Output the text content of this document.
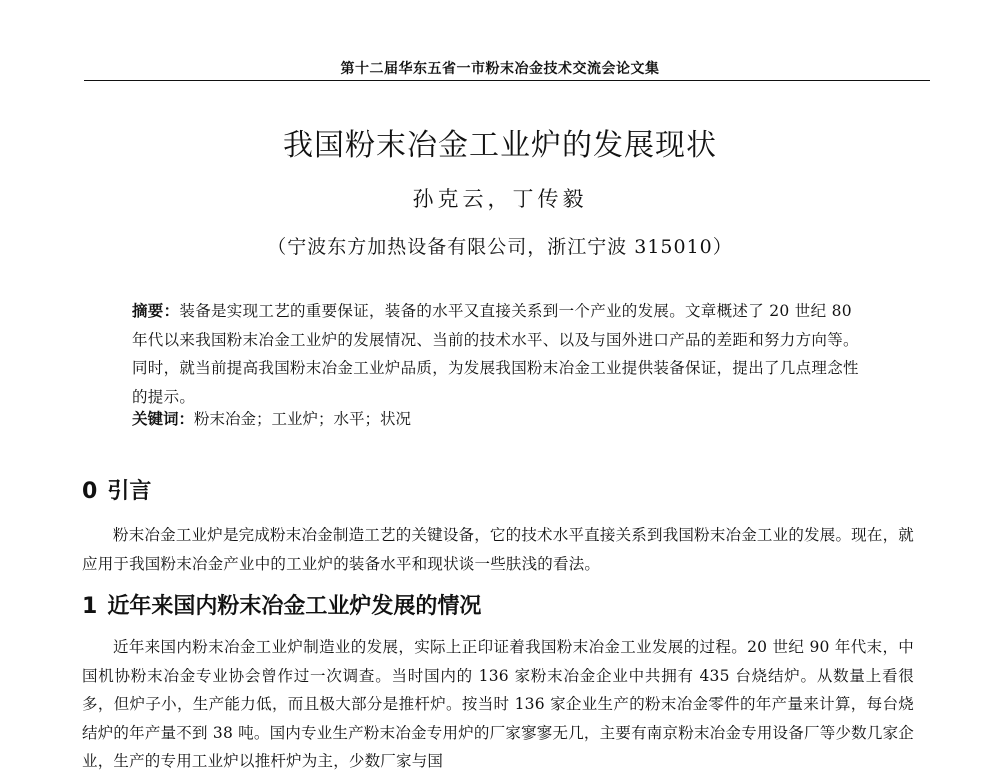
第十二届华东五省一市粉末冶金技术交流会论文集
我国粉末冶金工业炉的发展现状
孙克云，丁传毅
（宁波东方加热设备有限公司，浙江宁波 315010）
摘要：装备是实现工艺的重要保证，装备的水平又直接关系到一个产业的发展。文章概述了 20 世纪 80 年代以来我国粉末冶金工业炉的发展情况、当前的技术水平、以及与国外进口产品的差距和努力方向等。同时，就当前提高我国粉末冶金工业炉品质，为发展我国粉末冶金工业提供装备保证，提出了几点理念性的提示。
关键词：粉末冶金；工业炉；水平；状况
0 引言
粉末冶金工业炉是完成粉末冶金制造工艺的关键设备，它的技术水平直接关系到我国粉末冶金工业的发展。现在，就应用于我国粉末冶金产业中的工业炉的装备水平和现状谈一些肤浅的看法。
1 近年来国内粉末冶金工业炉发展的情况
近年来国内粉末冶金工业炉制造业的发展，实际上正印证着我国粉末冶金工业发展的过程。20 世纪 90 年代末，中国机协粉末冶金专业协会曾作过一次调查。当时国内的 136 家粉末冶金企业中共拥有 435 台烧结炉。从数量上看很多，但炉子小，生产能力低，而且极大部分是推杆炉。按当时 136 家企业生产的粉末冶金零件的年产量来计算，每台烧结炉的年产量不到 38 吨。国内专业生产粉末冶金专用炉的厂家寥寥无几，主要有南京粉末冶金专用设备厂等少数几家企业，生产的专用工业炉以推杆炉为主，少数厂家与国
